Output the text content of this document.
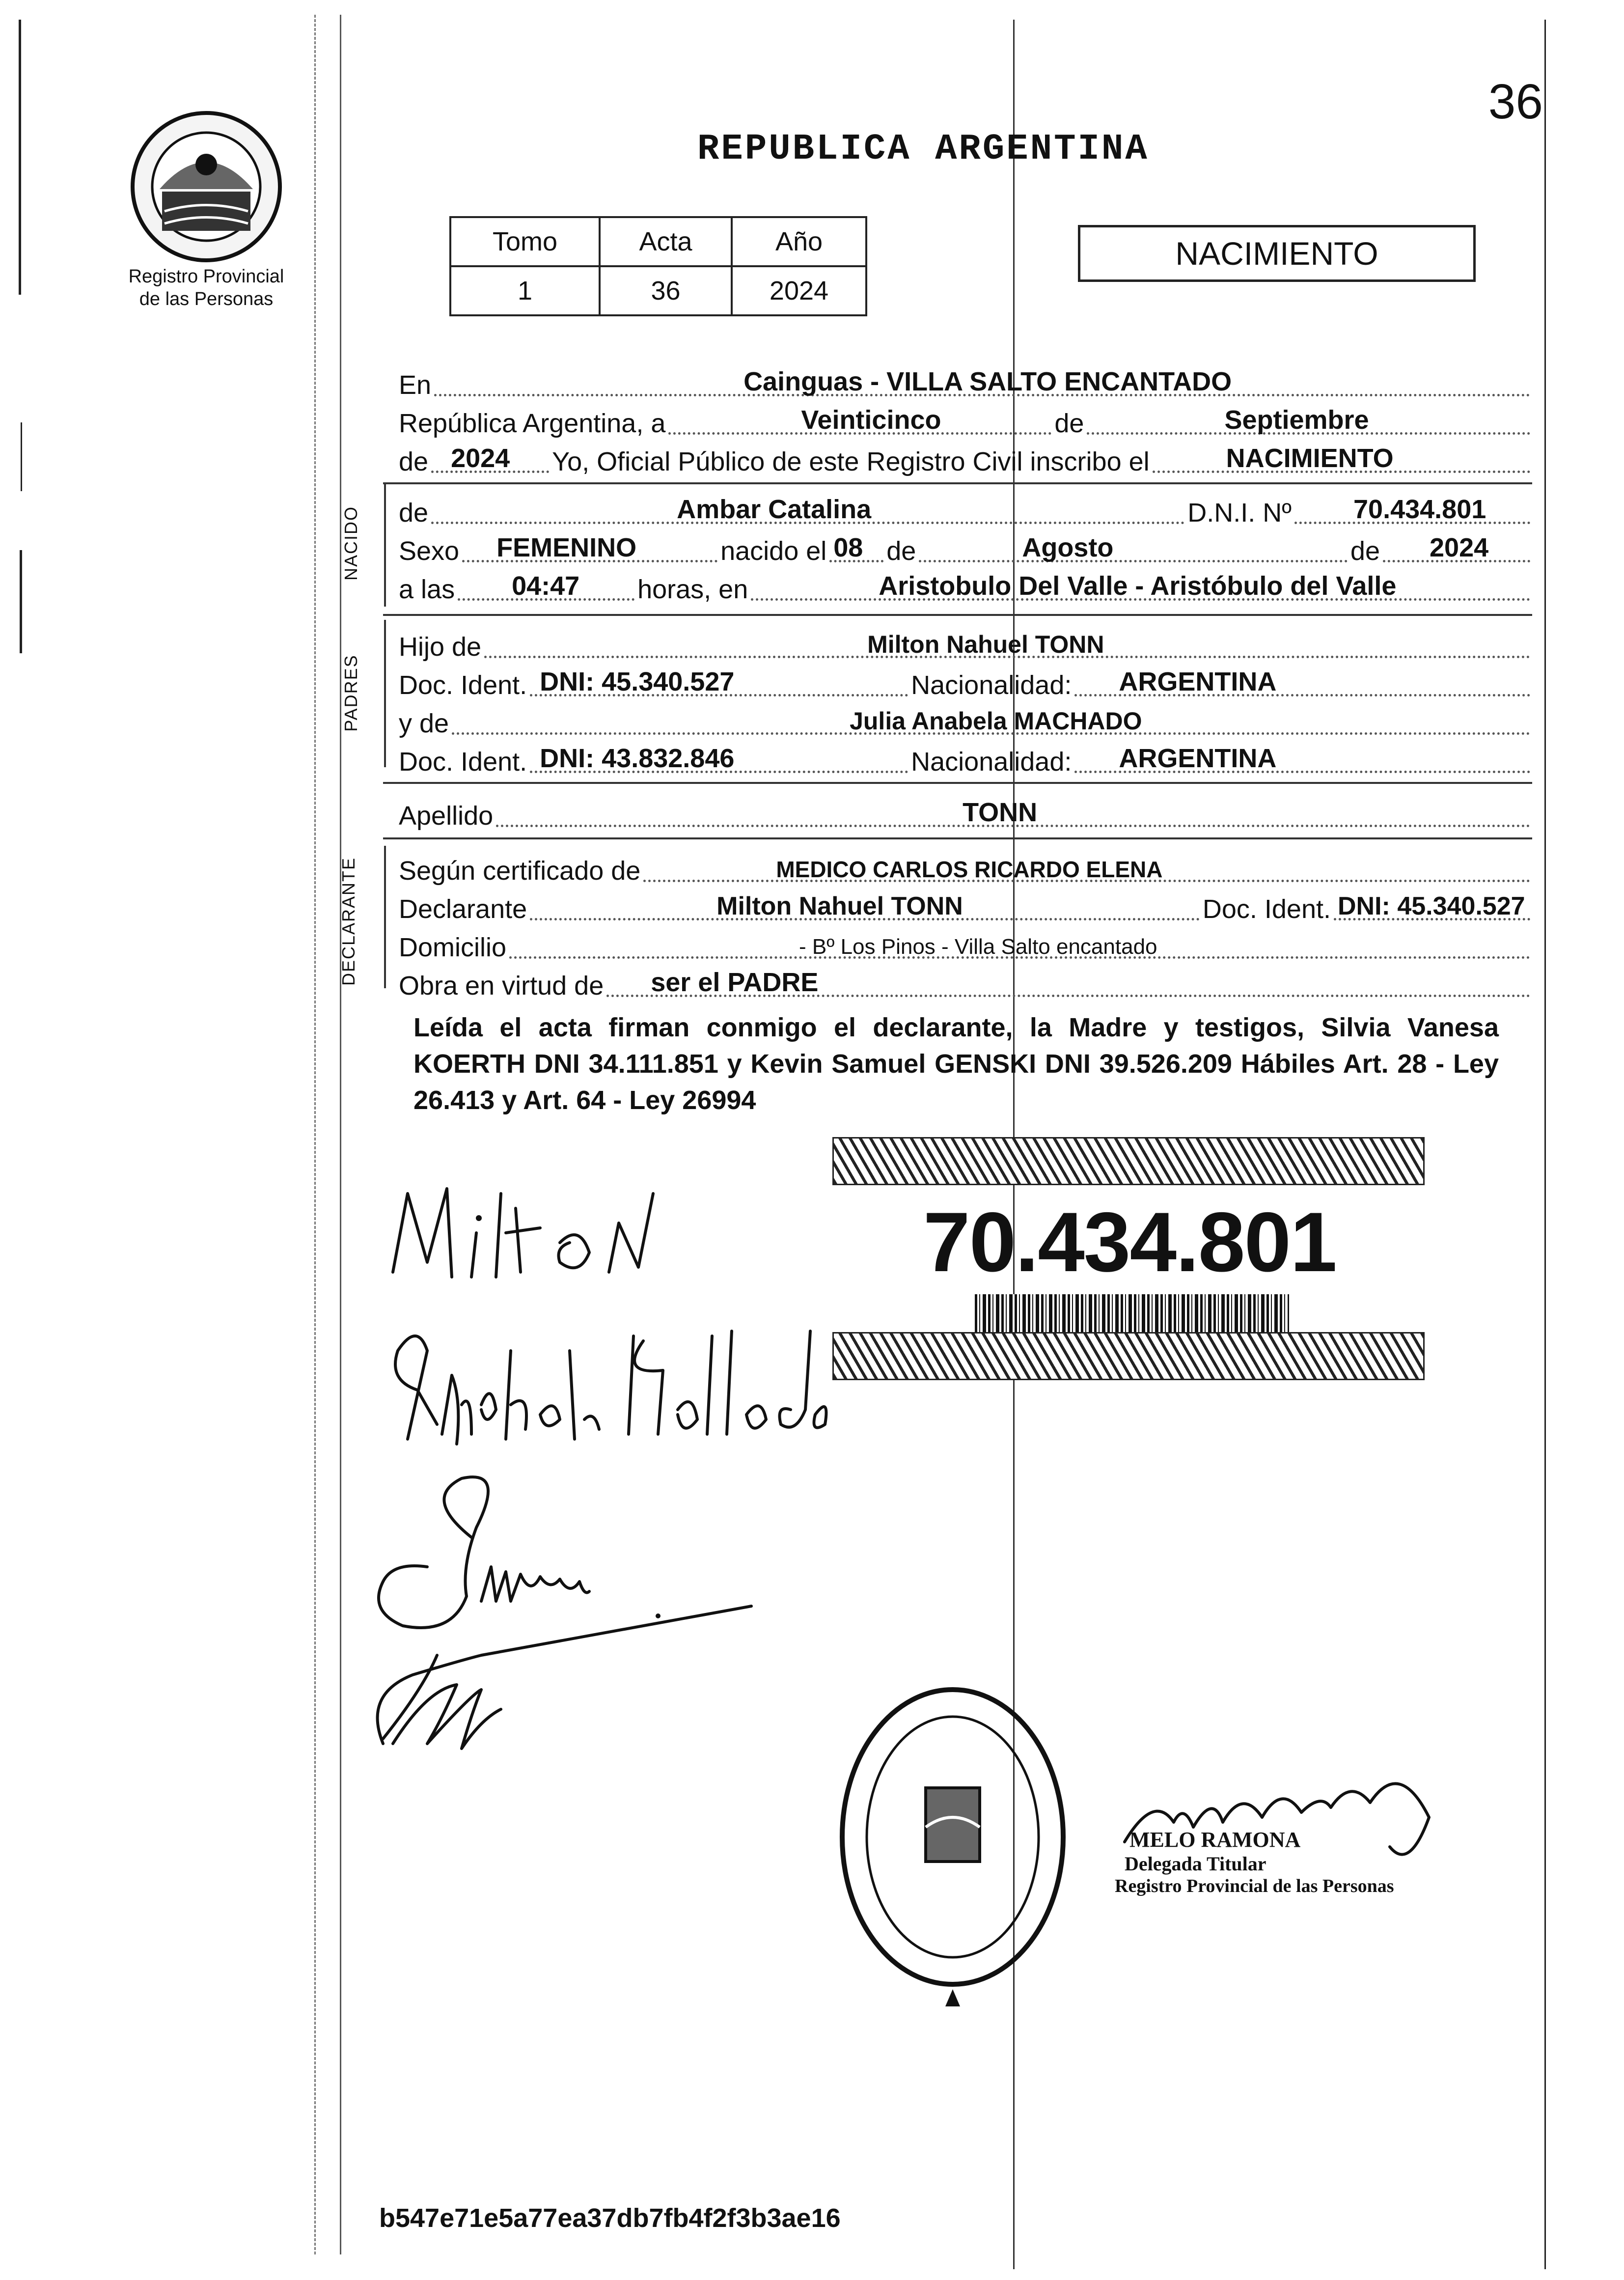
Registro Provincial
de las Personas
36
REPUBLICA ARGENTINA
Tomo	Acta	Año
1	36	2024
NACIMIENTO
En	Cainguas - VILLA SALTO ENCANTADO
República Argentina, a	Veinticinco	de	Septiembre
de 2024 Yo, Oficial Público de este Registro Civil inscribo el	NACIMIENTO
NACIDO de	Ambar Catalina	D.N.I. Nº 70.434.801
Sexo FEMENINO	nacido el 08 de	Agosto	de 2024
a las 04:47 horas, en	Aristobulo Del Valle - Aristóbulo del Valle
PADRES
Hijo de	Milton Nahuel TONN
Doc. Ident. DNI: 45.340.527	Nacionalidad: ARGENTINA
y de	Julia Anabela MACHADO
Doc. Ident. DNI: 43.832.846	Nacionalidad: ARGENTINA
Apellido	TONN
DECLARANTE Según certificado de	MEDICO CARLOS RICARDO ELENA
Declarante	Milton Nahuel TONN	Doc. Ident. DNI: 45.340.527
Domicilio	- Bº Los Pinos - Villa Salto encantado
Obra en virtud de ser el PADRE
Leída el acta firman conmigo el declarante, la Madre y testigos, Silvia Vanesa KOERTH DNI 34.111.851 y Kevin Samuel GENSKI DNI 39.526.209 Hábiles Art. 28 - Ley 26.413 y Art. 64 - Ley 26994
70.434.801
MELO RAMONA
Delegada Titular
Registro Provincial de las Personas
b547e71e5a77ea37db7fb4f2f3b3ae16
